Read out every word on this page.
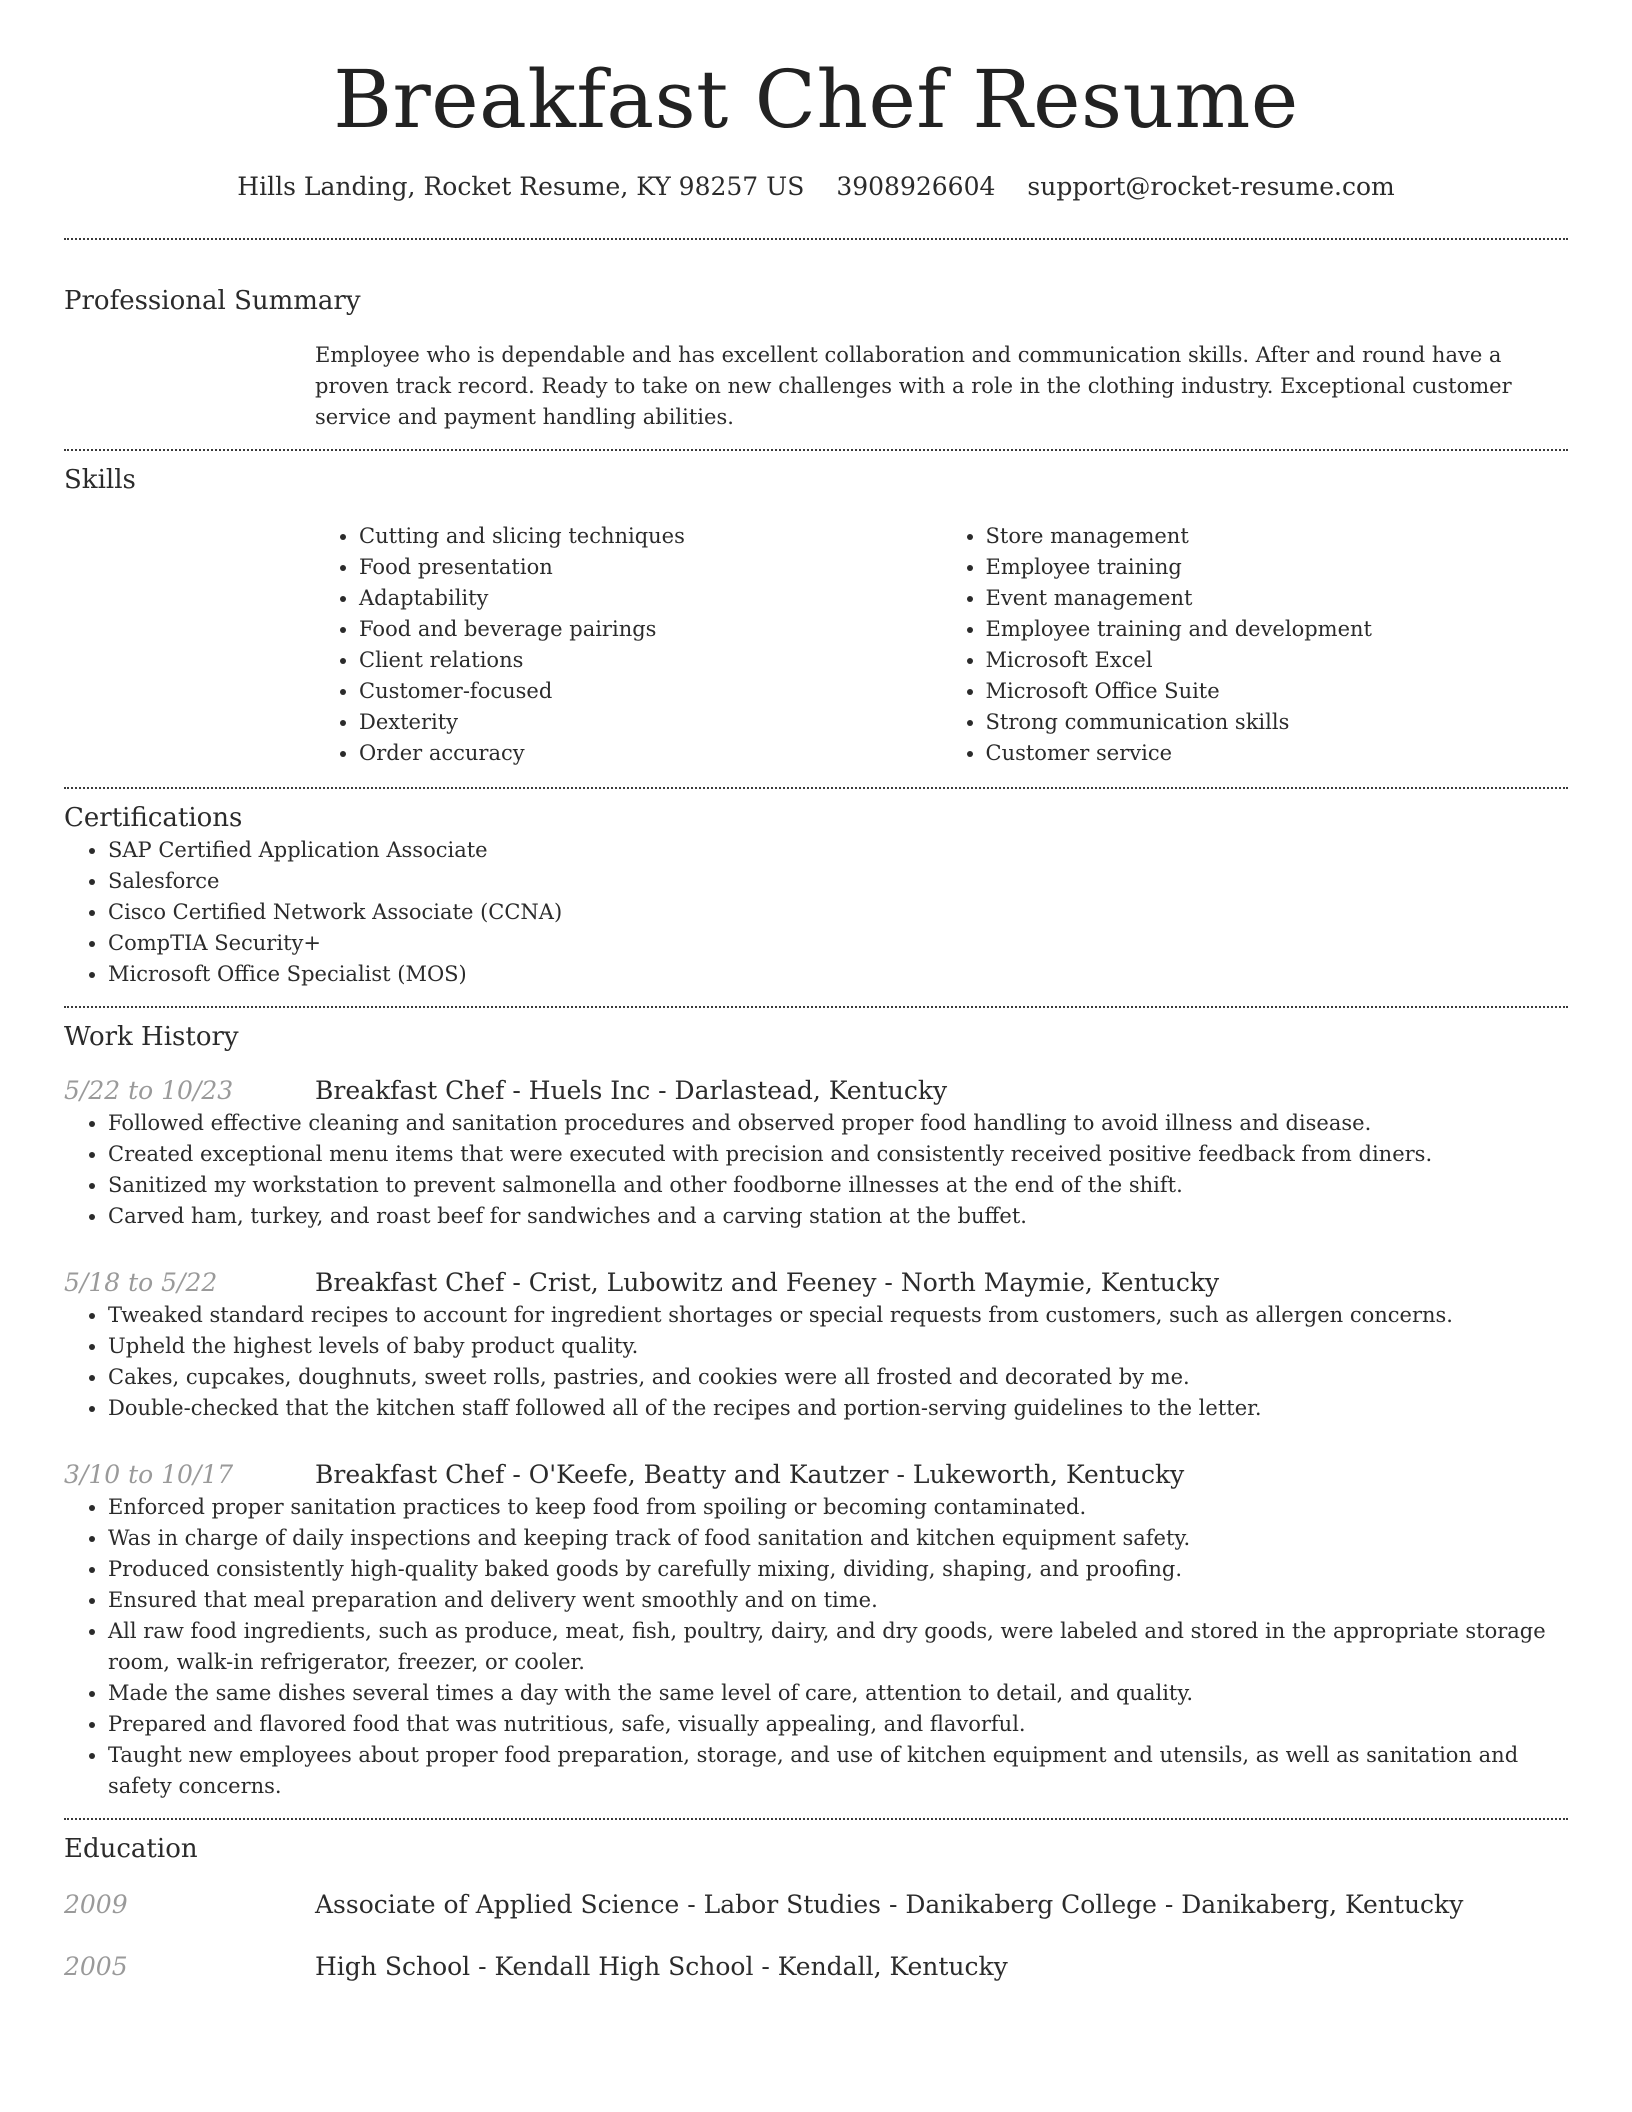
Breakfast Chef Resume
Hills Landing, Rocket Resume, KY 98257 US 3908926604 support@rocket-resume.com
Professional Summary
Employee who is dependable and has excellent collaboration and communication skills. After and round have a proven track record. Ready to take on new challenges with a role in the clothing industry. Exceptional customer service and payment handling abilities.
Skills
• Cutting and slicing techniques
• Food presentation
• Adaptability
• Food and beverage pairings
• Client relations
• Customer-focused
• Dexterity
• Order accuracy
• Store management
• Employee training
• Event management
• Employee training and development
• Microsoft Excel
• Microsoft Office Suite
• Strong communication skills
• Customer service
Certifications
• SAP Certified Application Associate
• Salesforce
• Cisco Certified Network Associate (CCNA)
• CompTIA Security+
• Microsoft Office Specialist (MOS)
Work History
5/22 to 10/23	Breakfast Chef - Huels Inc - Darlastead, Kentucky
• Followed effective cleaning and sanitation procedures and observed proper food handling to avoid illness and disease.
• Created exceptional menu items that were executed with precision and consistently received positive feedback from diners.
• Sanitized my workstation to prevent salmonella and other foodborne illnesses at the end of the shift.
• Carved ham, turkey, and roast beef for sandwiches and a carving station at the buffet.
5/18 to 5/22	Breakfast Chef - Crist, Lubowitz and Feeney - North Maymie, Kentucky
• Tweaked standard recipes to account for ingredient shortages or special requests from customers, such as allergen concerns.
• Upheld the highest levels of baby product quality.
• Cakes, cupcakes, doughnuts, sweet rolls, pastries, and cookies were all frosted and decorated by me.
• Double-checked that the kitchen staff followed all of the recipes and portion-serving guidelines to the letter.
3/10 to 10/17	Breakfast Chef - O'Keefe, Beatty and Kautzer - Lukeworth, Kentucky
• Enforced proper sanitation practices to keep food from spoiling or becoming contaminated.
• Was in charge of daily inspections and keeping track of food sanitation and kitchen equipment safety.
• Produced consistently high-quality baked goods by carefully mixing, dividing, shaping, and proofing.
• Ensured that meal preparation and delivery went smoothly and on time.
• All raw food ingredients, such as produce, meat, fish, poultry, dairy, and dry goods, were labeled and stored in the appropriate storage room, walk-in refrigerator, freezer, or cooler.
• Made the same dishes several times a day with the same level of care, attention to detail, and quality.
• Prepared and flavored food that was nutritious, safe, visually appealing, and flavorful.
• Taught new employees about proper food preparation, storage, and use of kitchen equipment and utensils, as well as sanitation and safety concerns.
Education
2009	Associate of Applied Science - Labor Studies - Danikaberg College - Danikaberg, Kentucky
2005	High School - Kendall High School - Kendall, Kentucky
